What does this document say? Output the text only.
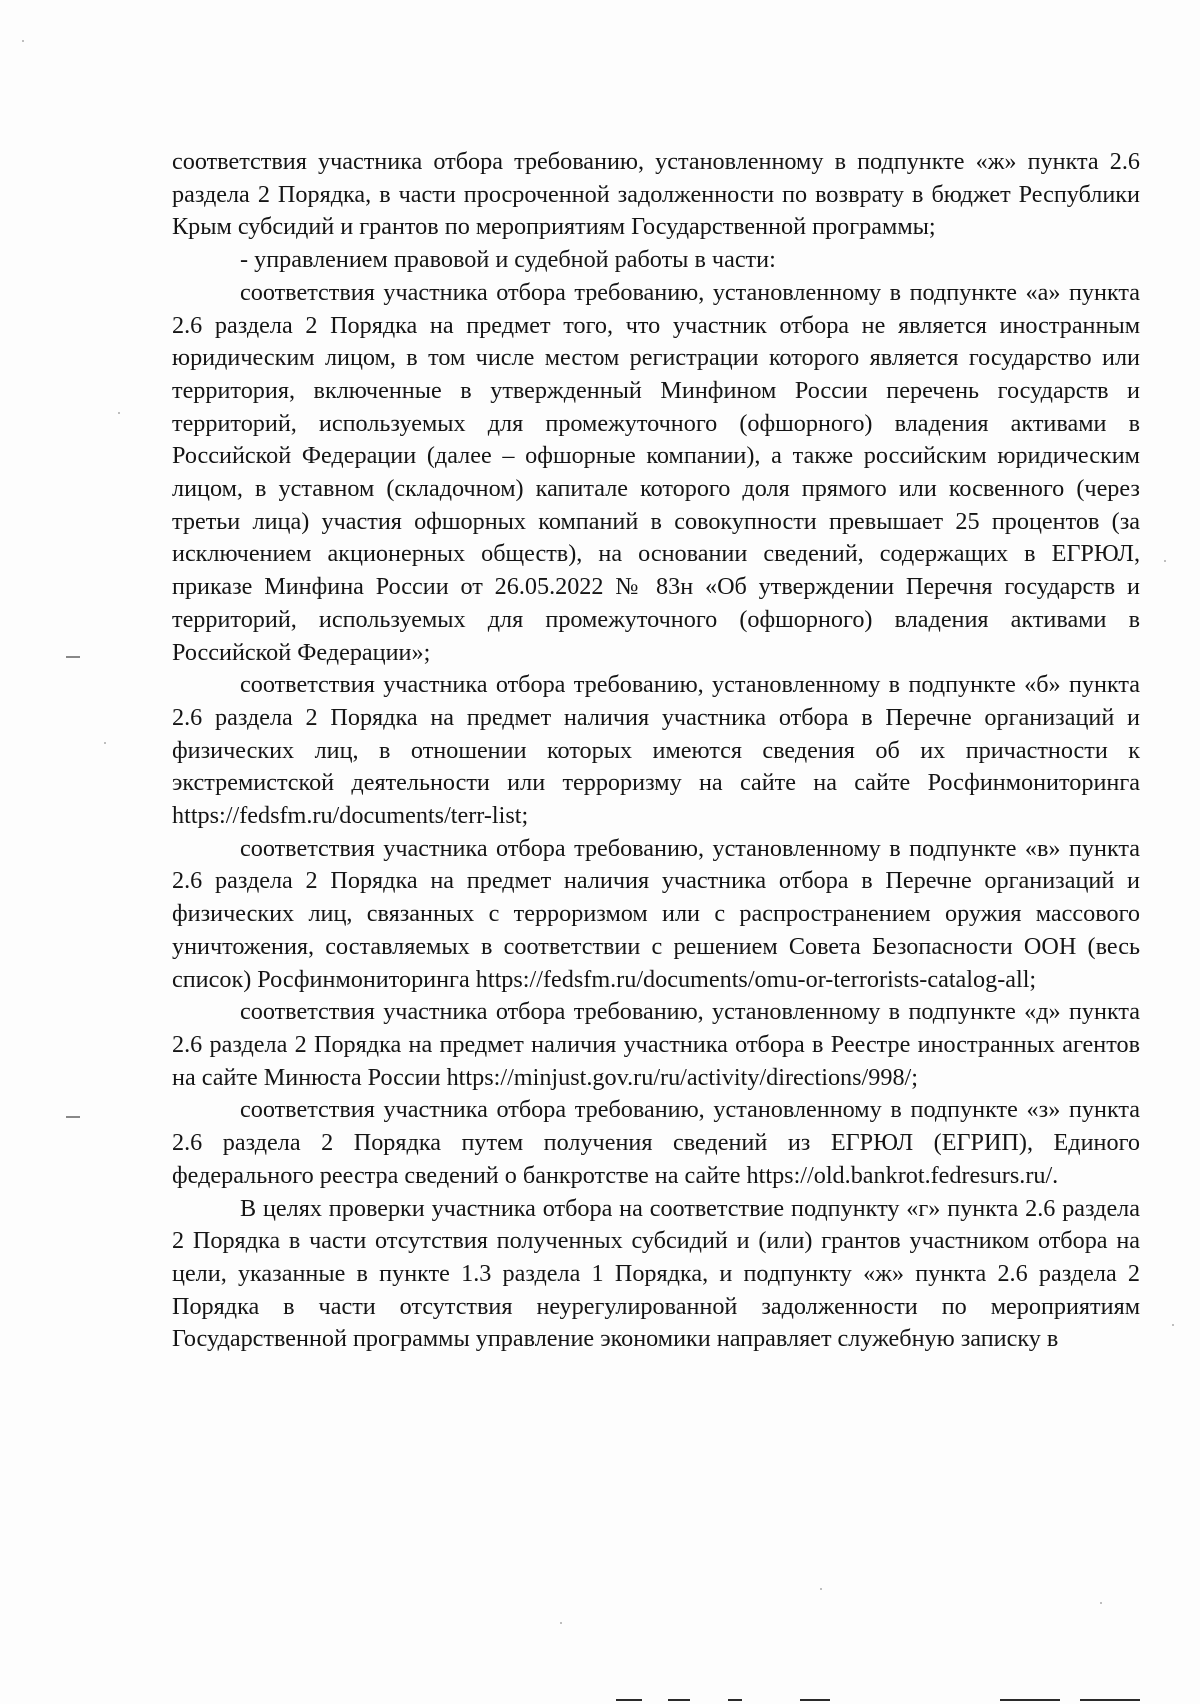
соответствия участника отбора требованию, установленному в подпункте «ж» пункта 2.6 раздела 2 Порядка, в части просроченной задолженности по возврату в бюджет Республики Крым субсидий и грантов по мероприятиям Государственной программы;

- управлением правовой и судебной работы в части:

соответствия участника отбора требованию, установленному в подпункте «а» пункта 2.6 раздела 2 Порядка на предмет того, что участник отбора не является иностранным юридическим лицом, в том числе местом регистрации которого является государство или территория, включенные в утвержденный Минфином России перечень государств и территорий, используемых для промежуточного (офшорного) владения активами в Российской Федерации (далее – офшорные компании), а также российским юридическим лицом, в уставном (складочном) капитале которого доля прямого или косвенного (через третьи лица) участия офшорных компаний в совокупности превышает 25 процентов (за исключением акционерных обществ), на основании сведений, содержащих в ЕГРЮЛ, приказе Минфина России от 26.05.2022 № 83н «Об утверждении Перечня государств и территорий, используемых для промежуточного (офшорного) владения активами в Российской Федерации»;

соответствия участника отбора требованию, установленному в подпункте «б» пункта 2.6 раздела 2 Порядка на предмет наличия участника отбора в Перечне организаций и физических лиц, в отношении которых имеются сведения об их причастности к экстремистской деятельности или терроризму на сайте на сайте Росфинмониторинга https://fedsfm.ru/documents/terr-list;

соответствия участника отбора требованию, установленному в подпункте «в» пункта 2.6 раздела 2 Порядка на предмет наличия участника отбора в Перечне организаций и физических лиц, связанных с терроризмом или с распространением оружия массового уничтожения, составляемых в соответствии с решением Совета Безопасности ООН (весь список) Росфинмониторинга https://fedsfm.ru/documents/omu-or-terrorists-catalog-all;

соответствия участника отбора требованию, установленному в подпункте «д» пункта 2.6 раздела 2 Порядка на предмет наличия участника отбора в Реестре иностранных агентов на сайте Минюста России https://minjust.gov.ru/ru/activity/directions/998/;

соответствия участника отбора требованию, установленному в подпункте «з» пункта 2.6 раздела 2 Порядка путем получения сведений из ЕГРЮЛ (ЕГРИП), Единого федерального реестра сведений о банкротстве на сайте https://old.bankrot.fedresurs.ru/.

В целях проверки участника отбора на соответствие подпункту «г» пункта 2.6 раздела 2 Порядка в части отсутствия полученных субсидий и (или) грантов участником отбора на цели, указанные в пункте 1.3 раздела 1 Порядка, и подпункту «ж» пункта 2.6 раздела 2 Порядка в части отсутствия неурегулированной задолженности по мероприятиям Государственной программы управление экономики направляет служебную записку в
